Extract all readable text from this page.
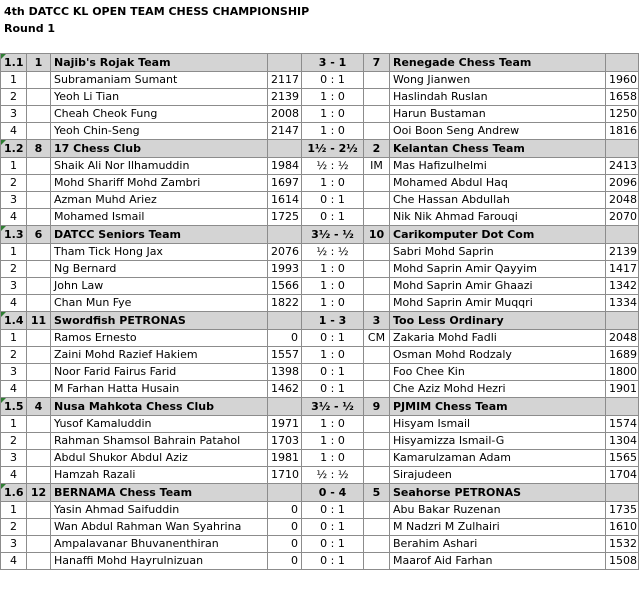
4th DATCC KL OPEN TEAM CHESS CHAMPIONSHIP
Round 1
1.1	1	Najib's Rojak Team		3 - 1	7	Renegade Chess Team	
1		Subramaniam Sumant	2117	0 : 1		Wong Jianwen	1960
2		Yeoh Li Tian	2139	1 : 0		Haslindah Ruslan	1658
3		Cheah Cheok Fung	2008	1 : 0		Harun Bustaman	1250
4		Yeoh Chin-Seng	2147	1 : 0		Ooi Boon Seng Andrew	1816
1.2	8	17 Chess Club		1½ - 2½	2	Kelantan Chess Team	
1		Shaik Ali Nor Ilhamuddin	1984	½ : ½	IM	Mas Hafizulhelmi	2413
2		Mohd Shariff Mohd Zambri	1697	1 : 0		Mohamed Abdul Haq	2096
3		Azman Muhd Ariez	1614	0 : 1		Che Hassan Abdullah	2048
4		Mohamed Ismail	1725	0 : 1		Nik Nik Ahmad Farouqi	2070
1.3	6	DATCC Seniors Team		3½ - ½	10	Carikomputer Dot Com	
1		Tham Tick Hong Jax	2076	½ : ½		Sabri Mohd Saprin	2139
2		Ng Bernard	1993	1 : 0		Mohd Saprin Amir Qayyim	1417
3		John Law	1566	1 : 0		Mohd Saprin Amir Ghaazi	1342
4		Chan Mun Fye	1822	1 : 0		Mohd Saprin Amir Muqqri	1334
1.4	11	Swordfish PETRONAS		1 - 3	3	Too Less Ordinary	
1		Ramos Ernesto	0	0 : 1	CM	Zakaria Mohd Fadli	2048
2		Zaini Mohd Razief Hakiem	1557	1 : 0		Osman Mohd Rodzaly	1689
3		Noor Farid Fairus Farid	1398	0 : 1		Foo Chee Kin	1800
4		M Farhan Hatta Husain	1462	0 : 1		Che Aziz Mohd Hezri	1901
1.5	4	Nusa Mahkota Chess Club		3½ - ½	9	PJMIM Chess Team	
1		Yusof Kamaluddin	1971	1 : 0		Hisyam Ismail	1574
2		Rahman Shamsol Bahrain Patahol	1703	1 : 0		Hisyamizza Ismail-G	1304
3		Abdul Shukor Abdul Aziz	1981	1 : 0		Kamarulzaman Adam	1565
4		Hamzah Razali	1710	½ : ½		Sirajudeen	1704
1.6	12	BERNAMA Chess Team		0 - 4	5	Seahorse PETRONAS	
1		Yasin Ahmad Saifuddin	0	0 : 1		Abu Bakar Ruzenan	1735
2		Wan Abdul Rahman Wan Syahrina	0	0 : 1		M Nadzri M Zulhairi	1610
3		Ampalavanar Bhuvanenthiran	0	0 : 1		Berahim Ashari	1532
4		Hanaffi Mohd Hayrulnizuan	0	0 : 1		Maarof Aid Farhan	1508
